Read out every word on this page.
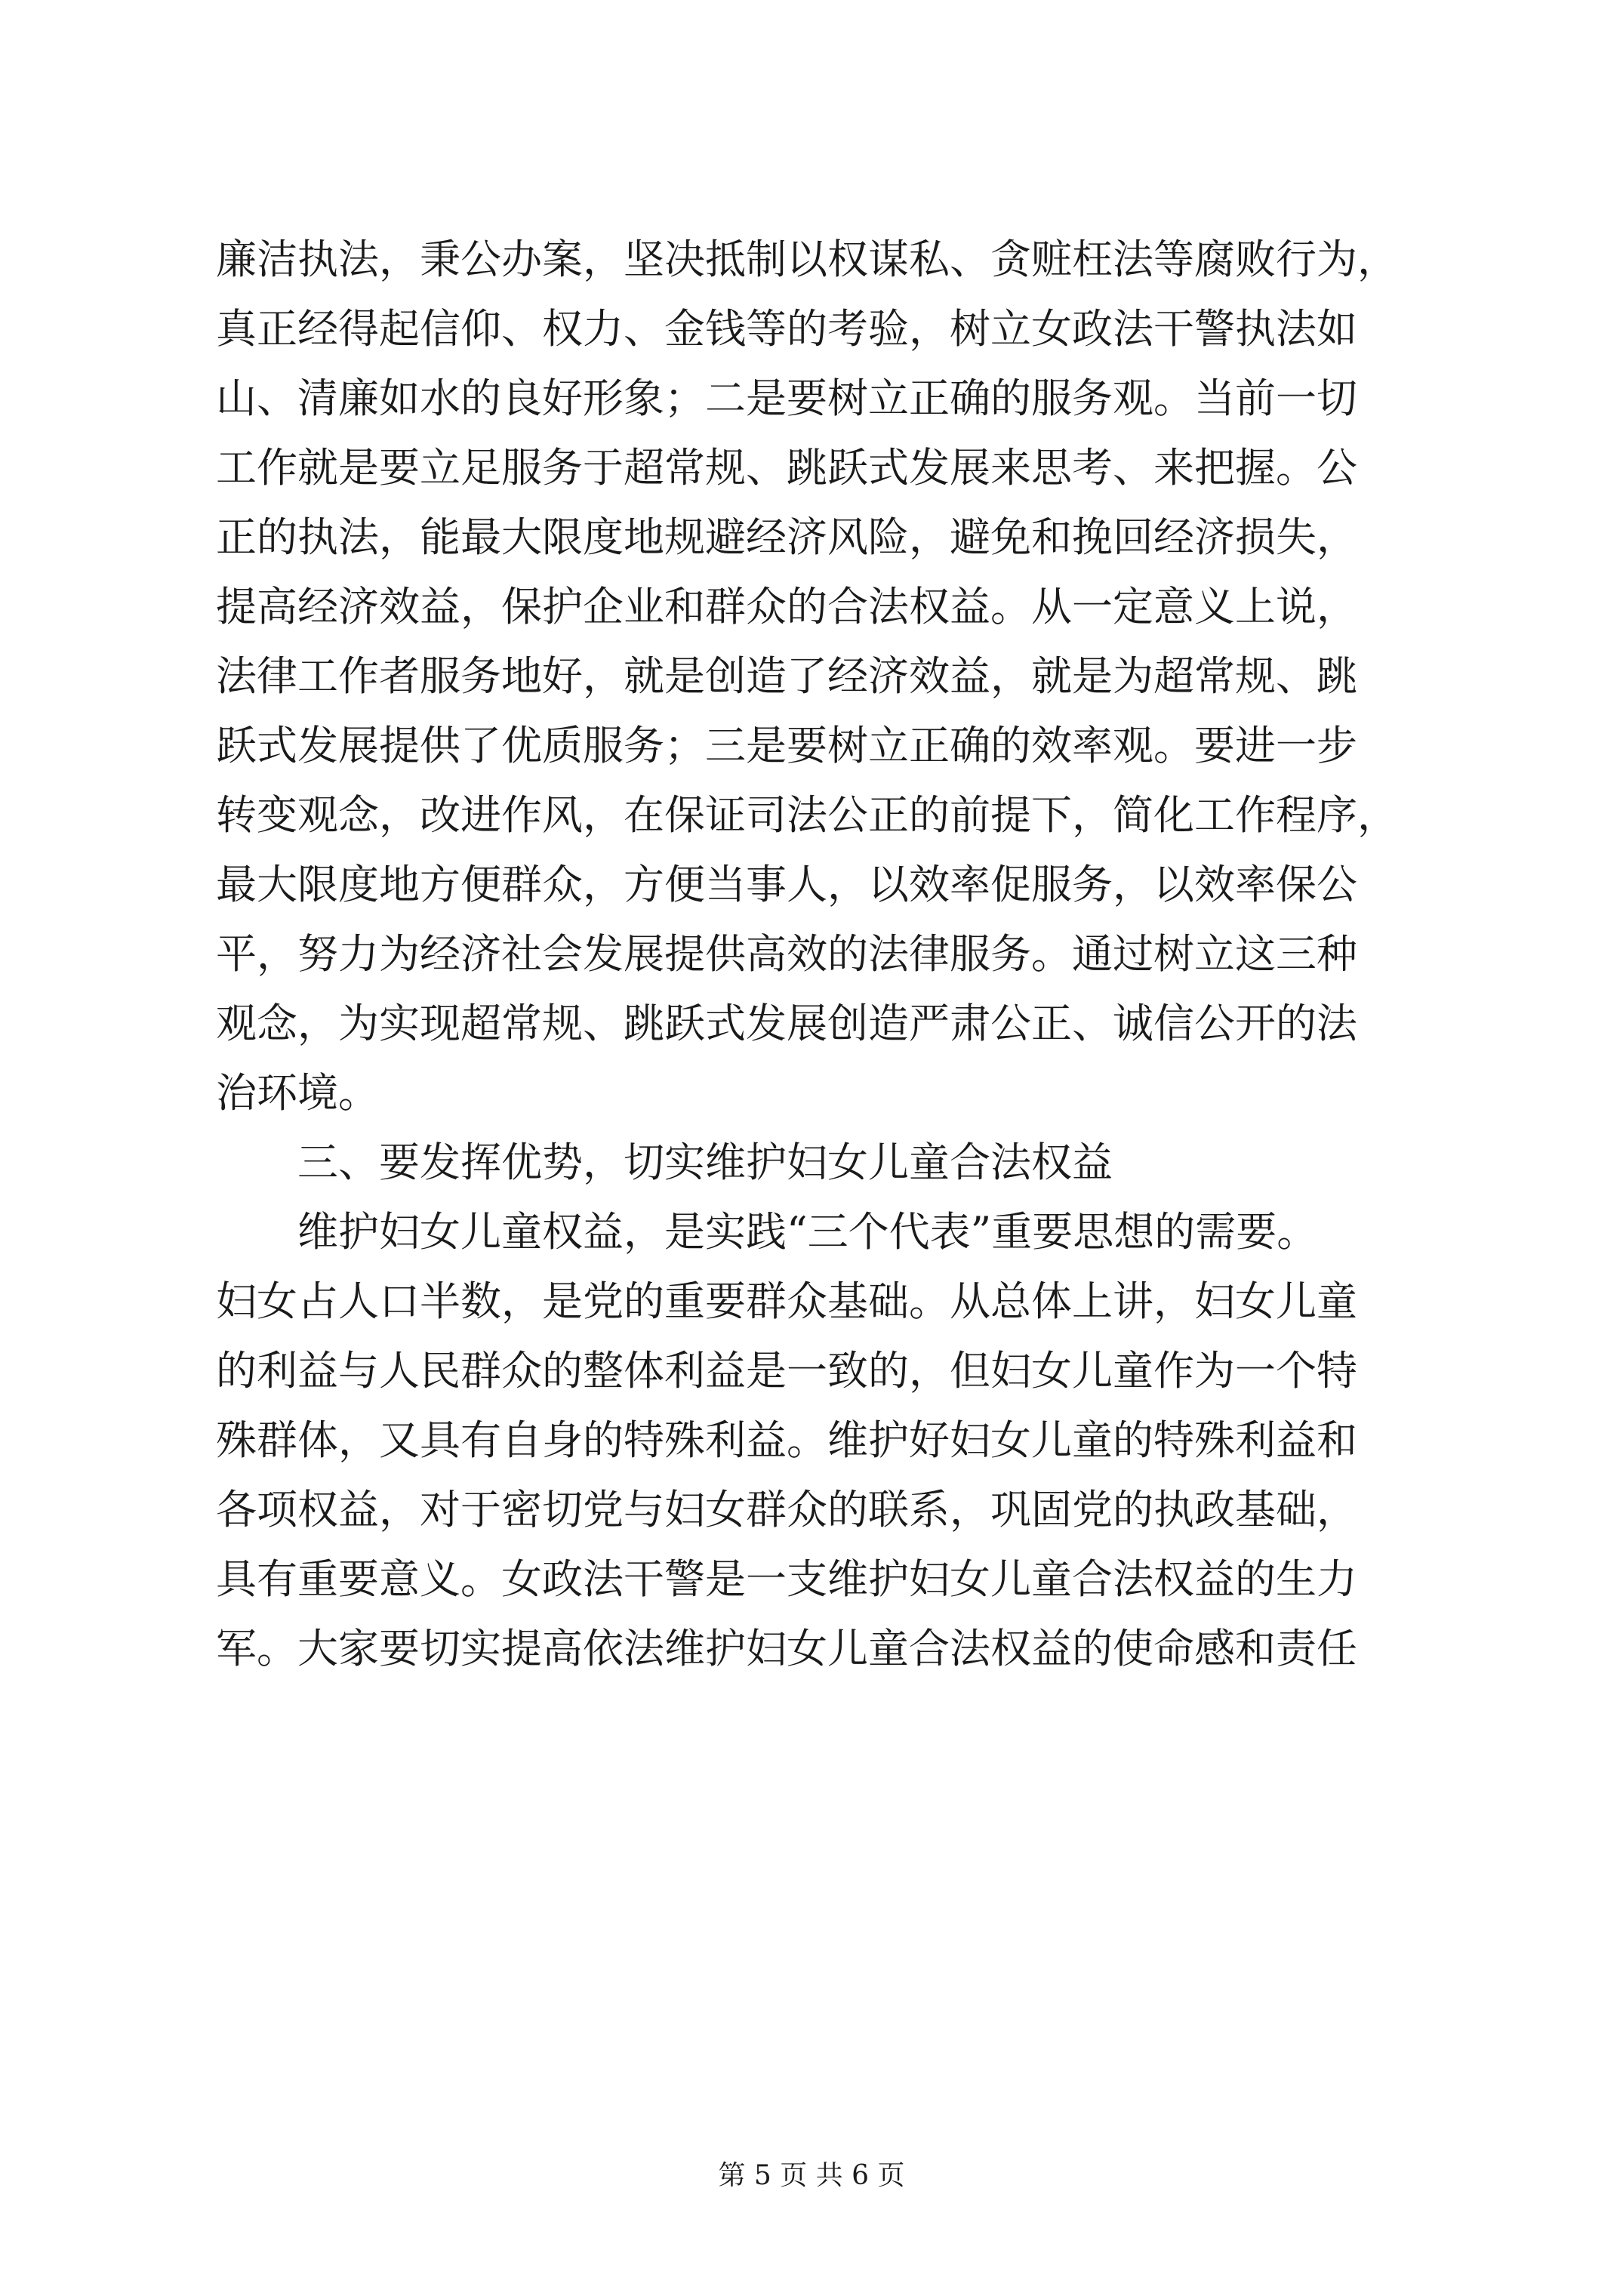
廉洁执法，秉公办案，坚决抵制以权谋私、贪赃枉法等腐败行为，
真正经得起信仰、权力、金钱等的考验，树立女政法干警执法如
山、清廉如水的良好形象；二是要树立正确的服务观。当前一切
工作就是要立足服务于超常规、跳跃式发展来思考、来把握。公
正的执法，能最大限度地规避经济风险，避免和挽回经济损失，
提高经济效益，保护企业和群众的合法权益。从一定意义上说，
法律工作者服务地好，就是创造了经济效益，就是为超常规、跳
跃式发展提供了优质服务；三是要树立正确的效率观。要进一步
转变观念，改进作风，在保证司法公正的前提下，简化工作程序，
最大限度地方便群众，方便当事人，以效率促服务，以效率保公
平，努力为经济社会发展提供高效的法律服务。通过树立这三种
观念，为实现超常规、跳跃式发展创造严肃公正、诚信公开的法
治环境。
　　三、要发挥优势，切实维护妇女儿童合法权益
　　维护妇女儿童权益，是实践“三个代表”重要思想的需要。
妇女占人口半数，是党的重要群众基础。从总体上讲，妇女儿童
的利益与人民群众的整体利益是一致的，但妇女儿童作为一个特
殊群体，又具有自身的特殊利益。维护好妇女儿童的特殊利益和
各项权益，对于密切党与妇女群众的联系，巩固党的执政基础，
具有重要意义。女政法干警是一支维护妇女儿童合法权益的生力
军。大家要切实提高依法维护妇女儿童合法权益的使命感和责任
第 5 页 共 6 页
